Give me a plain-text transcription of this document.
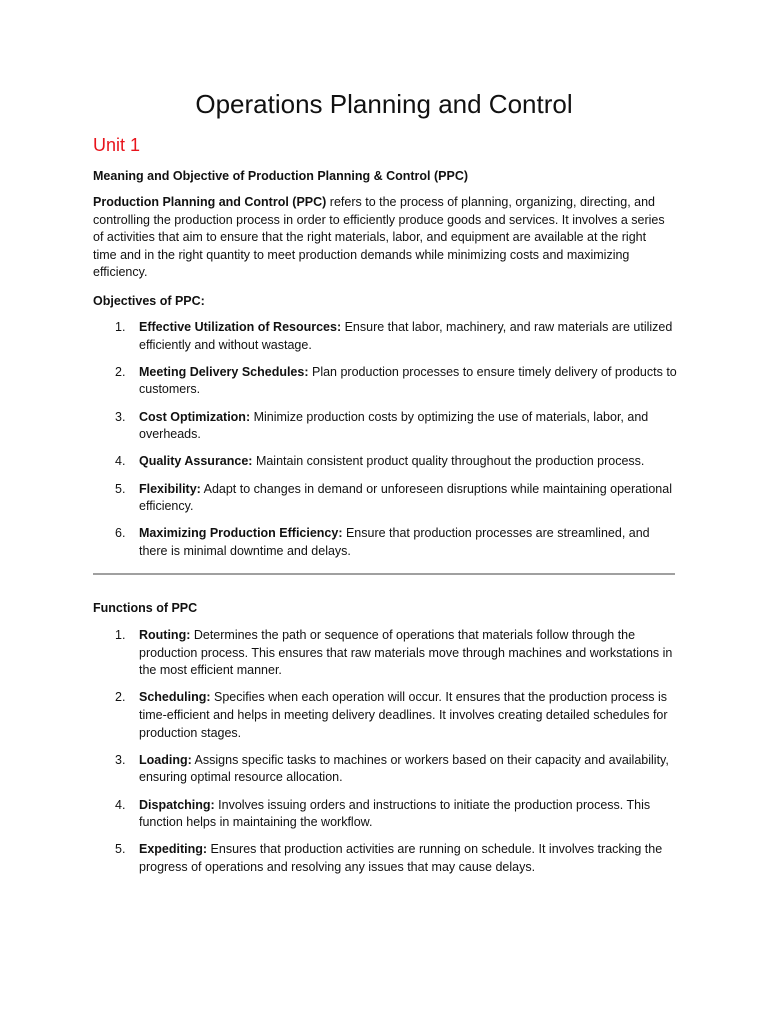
Operations Planning and Control
Unit 1

Meaning and Objective of Production Planning & Control (PPC)

Production Planning and Control (PPC) refers to the process of planning, organizing, directing, and controlling the production process in order to efficiently produce goods and services. It involves a series of activities that aim to ensure that the right materials, labor, and equipment are available at the right time and in the right quantity to meet production demands while minimizing costs and maximizing efficiency.

Objectives of PPC:

1. Effective Utilization of Resources: Ensure that labor, machinery, and raw materials are utilized efficiently and without wastage.
2. Meeting Delivery Schedules: Plan production processes to ensure timely delivery of products to customers.
3. Cost Optimization: Minimize production costs by optimizing the use of materials, labor, and overheads.
4. Quality Assurance: Maintain consistent product quality throughout the production process.
5. Flexibility: Adapt to changes in demand or unforeseen disruptions while maintaining operational efficiency.
6. Maximizing Production Efficiency: Ensure that production processes are streamlined, and there is minimal downtime and delays.

Functions of PPC

1. Routing: Determines the path or sequence of operations that materials follow through the production process. This ensures that raw materials move through machines and workstations in the most efficient manner.
2. Scheduling: Specifies when each operation will occur. It ensures that the production process is time-efficient and helps in meeting delivery deadlines. It involves creating detailed schedules for production stages.
3. Loading: Assigns specific tasks to machines or workers based on their capacity and availability, ensuring optimal resource allocation.
4. Dispatching: Involves issuing orders and instructions to initiate the production process. This function helps in maintaining the workflow.
5. Expediting: Ensures that production activities are running on schedule. It involves tracking the progress of operations and resolving any issues that may cause delays.
